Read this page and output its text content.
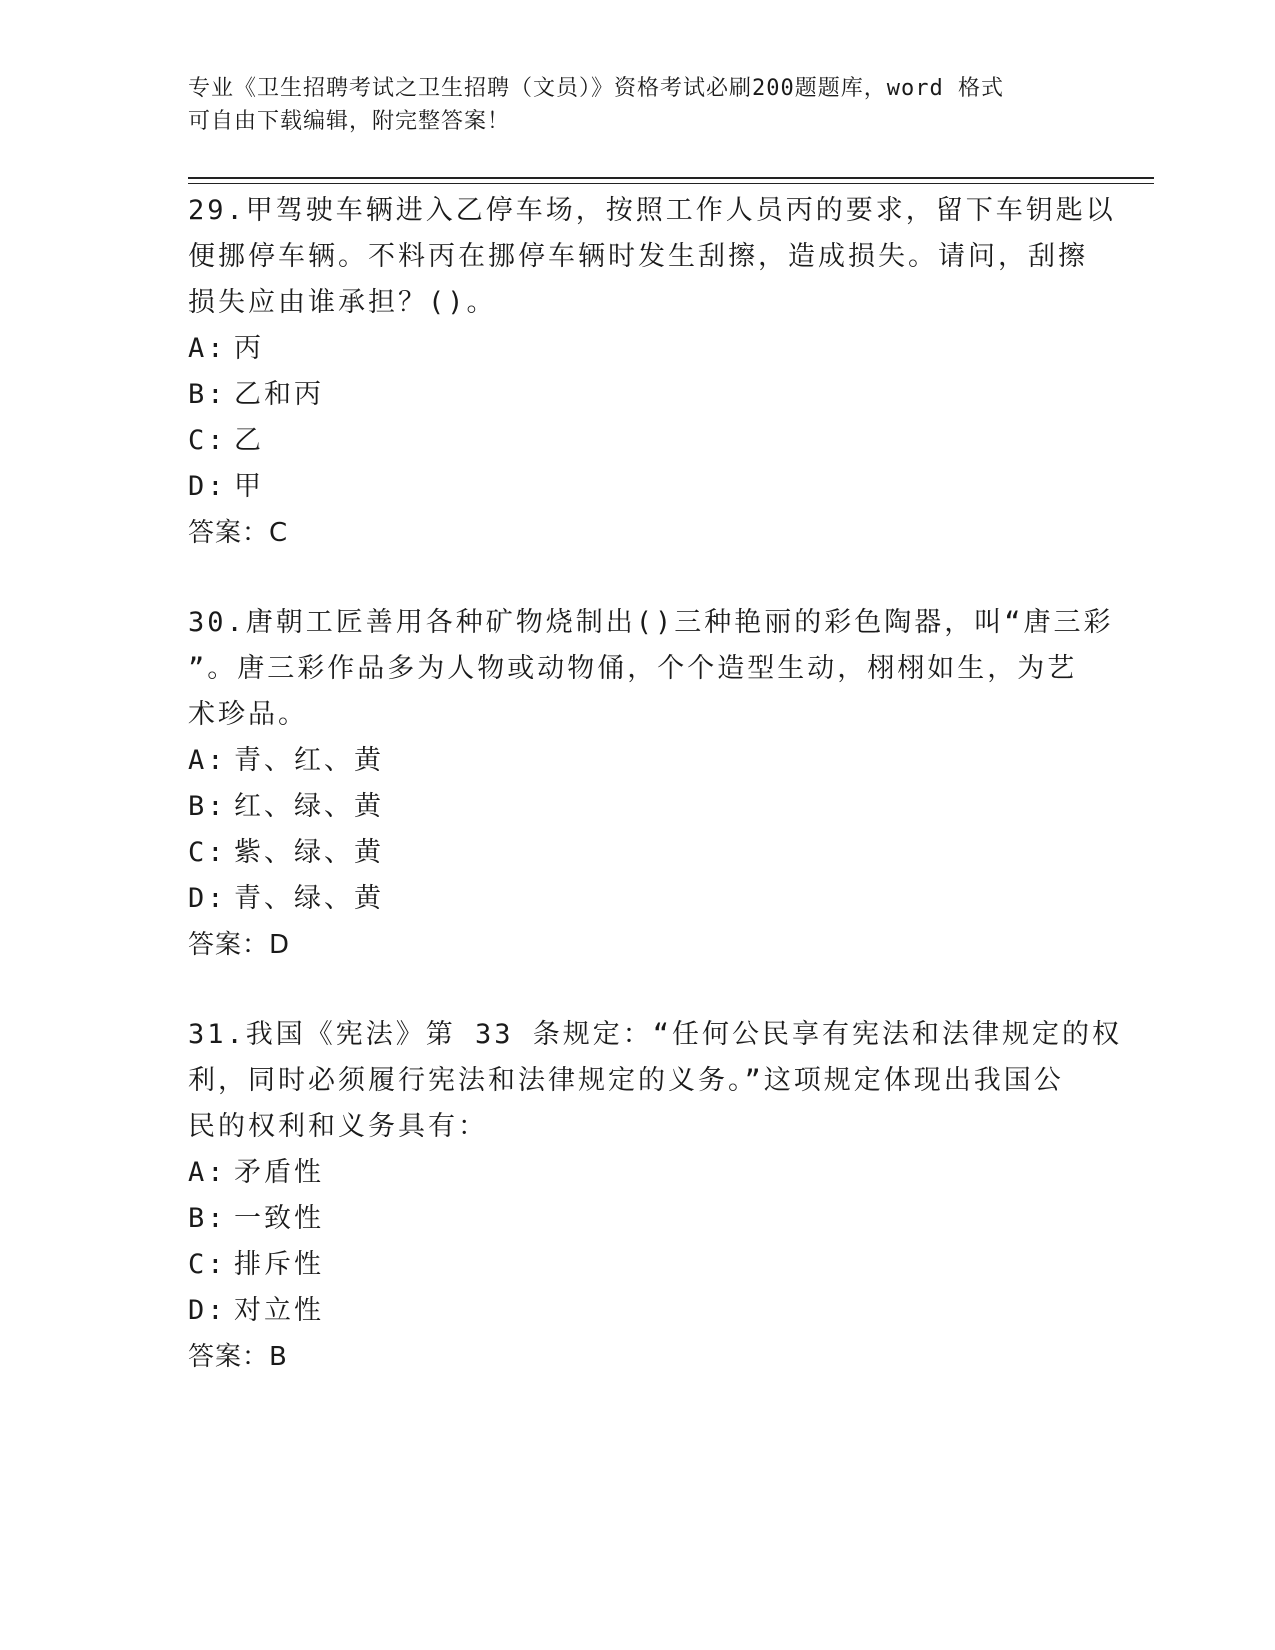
专业《卫生招聘考试之卫生招聘（文员）》资格考试必刷200题题库，word 格式
可自由下载编辑，附完整答案！
29.甲驾驶车辆进入乙停车场，按照工作人员丙的要求，留下车钥匙以
便挪停车辆。不料丙在挪停车辆时发生刮擦，造成损失。请问，刮擦
损失应由谁承担？()。
A: 丙
B: 乙和丙
C: 乙
D: 甲
答案：C
30.唐朝工匠善用各种矿物烧制出()三种艳丽的彩色陶器，叫“唐三彩
”。唐三彩作品多为人物或动物俑，个个造型生动，栩栩如生，为艺
术珍品。
A: 青、红、黄
B: 红、绿、黄
C: 紫、绿、黄
D: 青、绿、黄
答案：D
31.我国《宪法》第 33 条规定：“任何公民享有宪法和法律规定的权
利，同时必须履行宪法和法律规定的义务。”这项规定体现出我国公
民的权利和义务具有：
A: 矛盾性
B: 一致性
C: 排斥性
D: 对立性
答案：B
